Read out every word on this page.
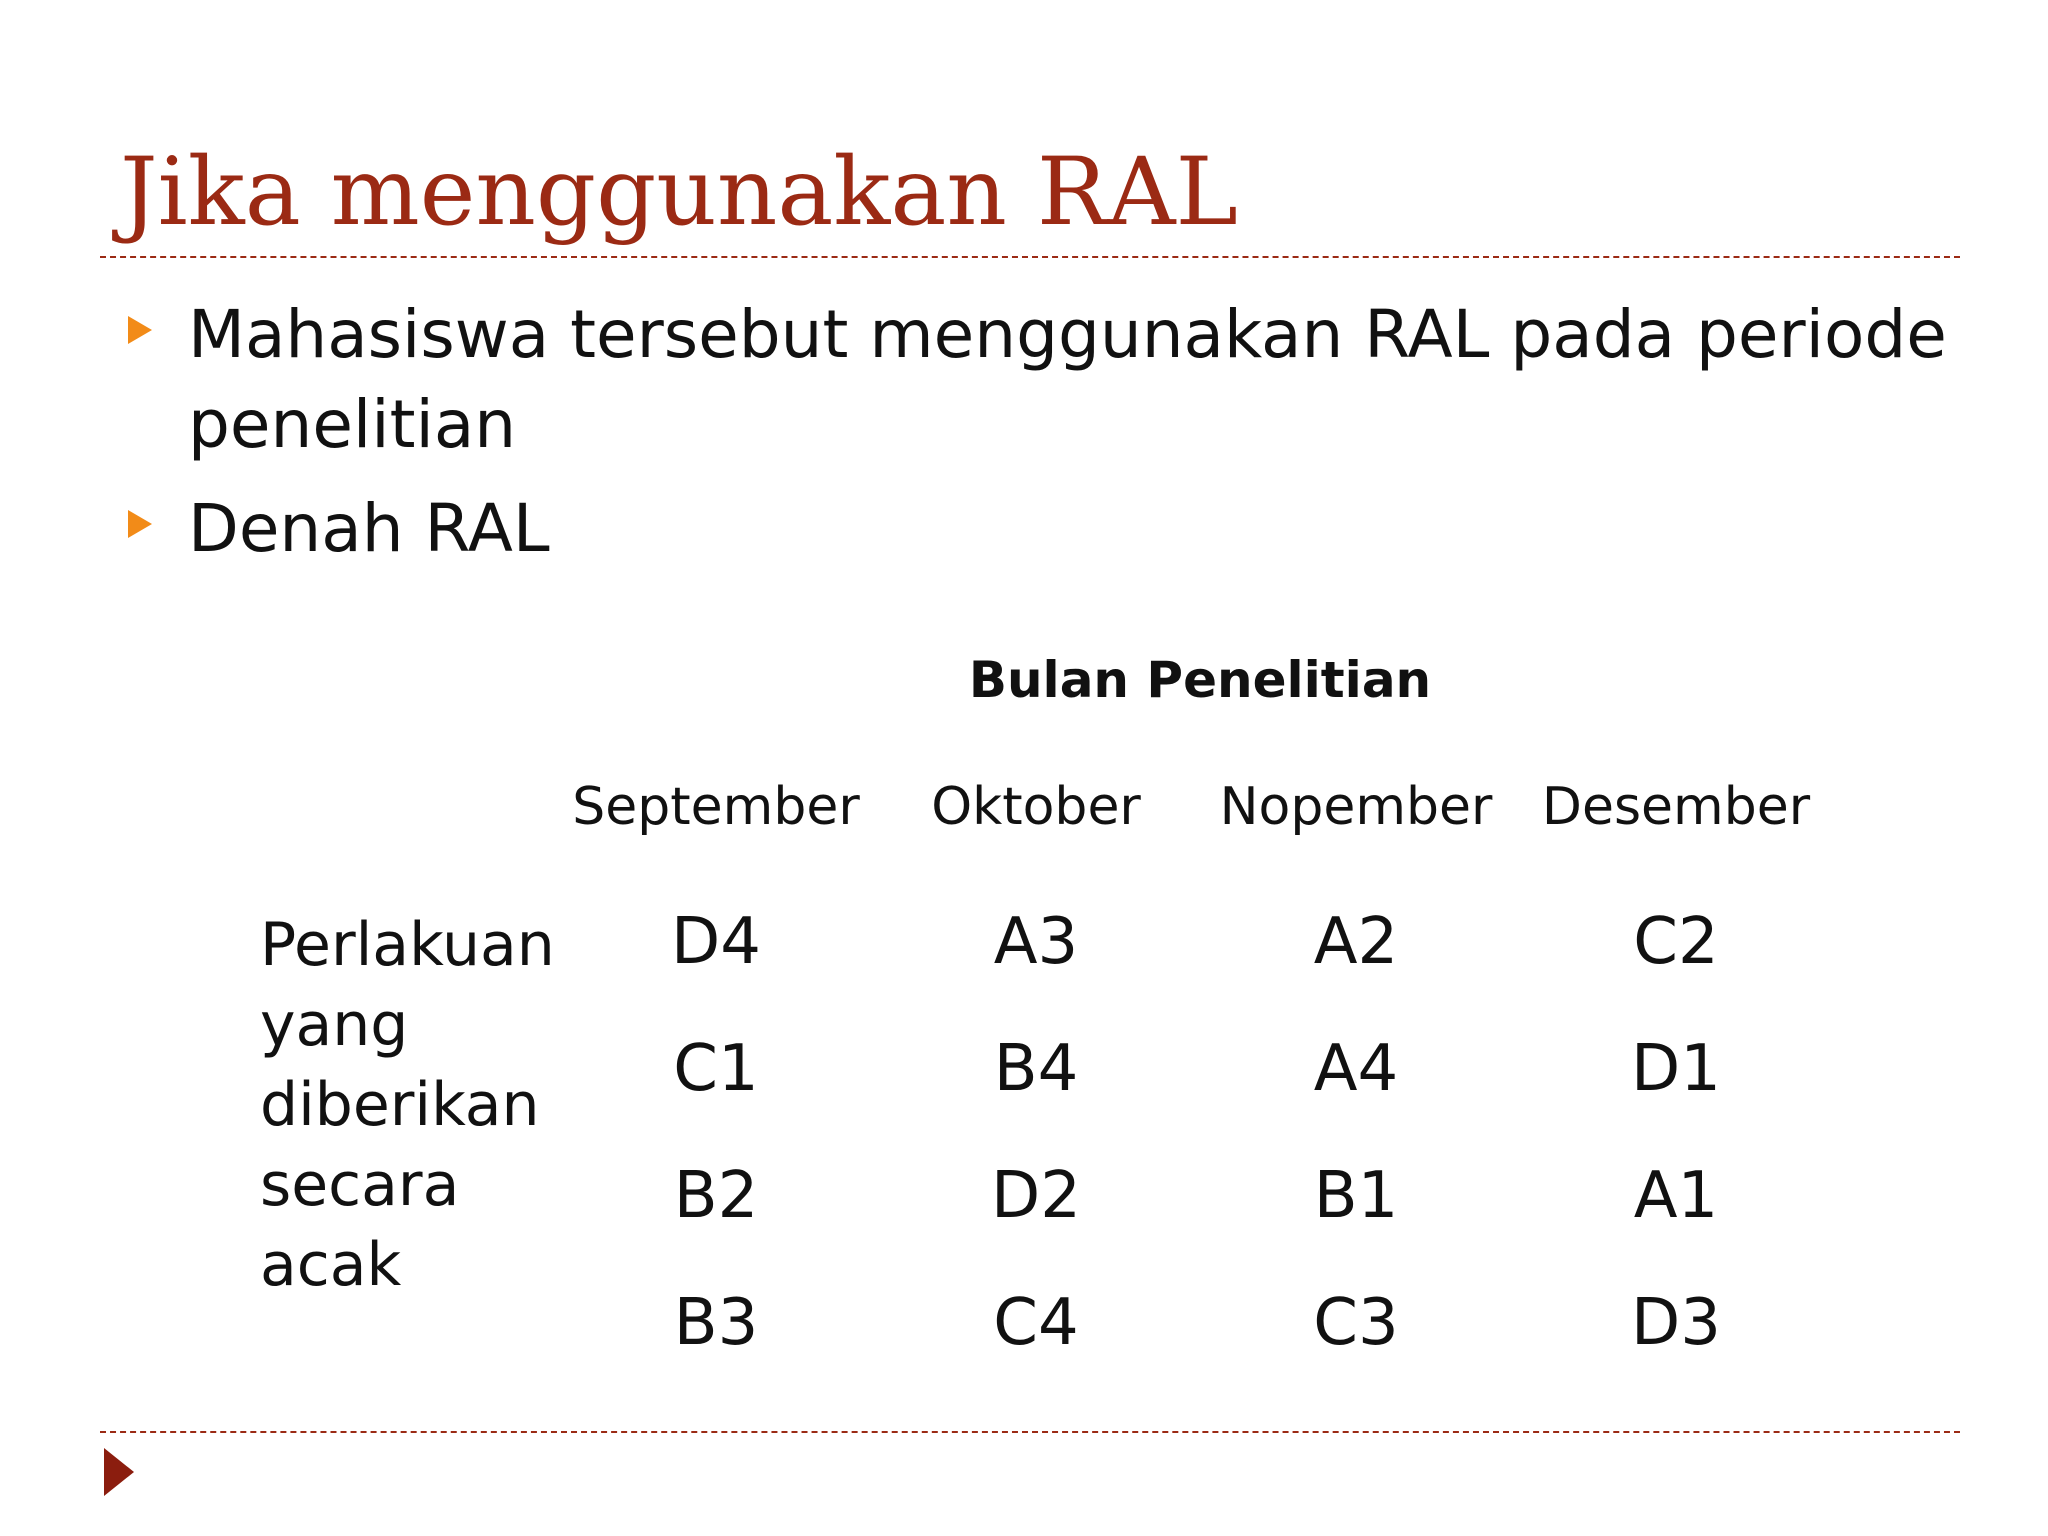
Jika menggunakan RAL
Mahasiswa tersebut menggunakan RAL pada periode penelitian
Denah RAL
Bulan Penelitian
September	Oktober	Nopember Desember
Perlakuan yang diberikan secara acak
D4	A3	A2	C2
C1	B4	A4	D1
B2	D2	B1	A1
B3	C4	C3	D3
